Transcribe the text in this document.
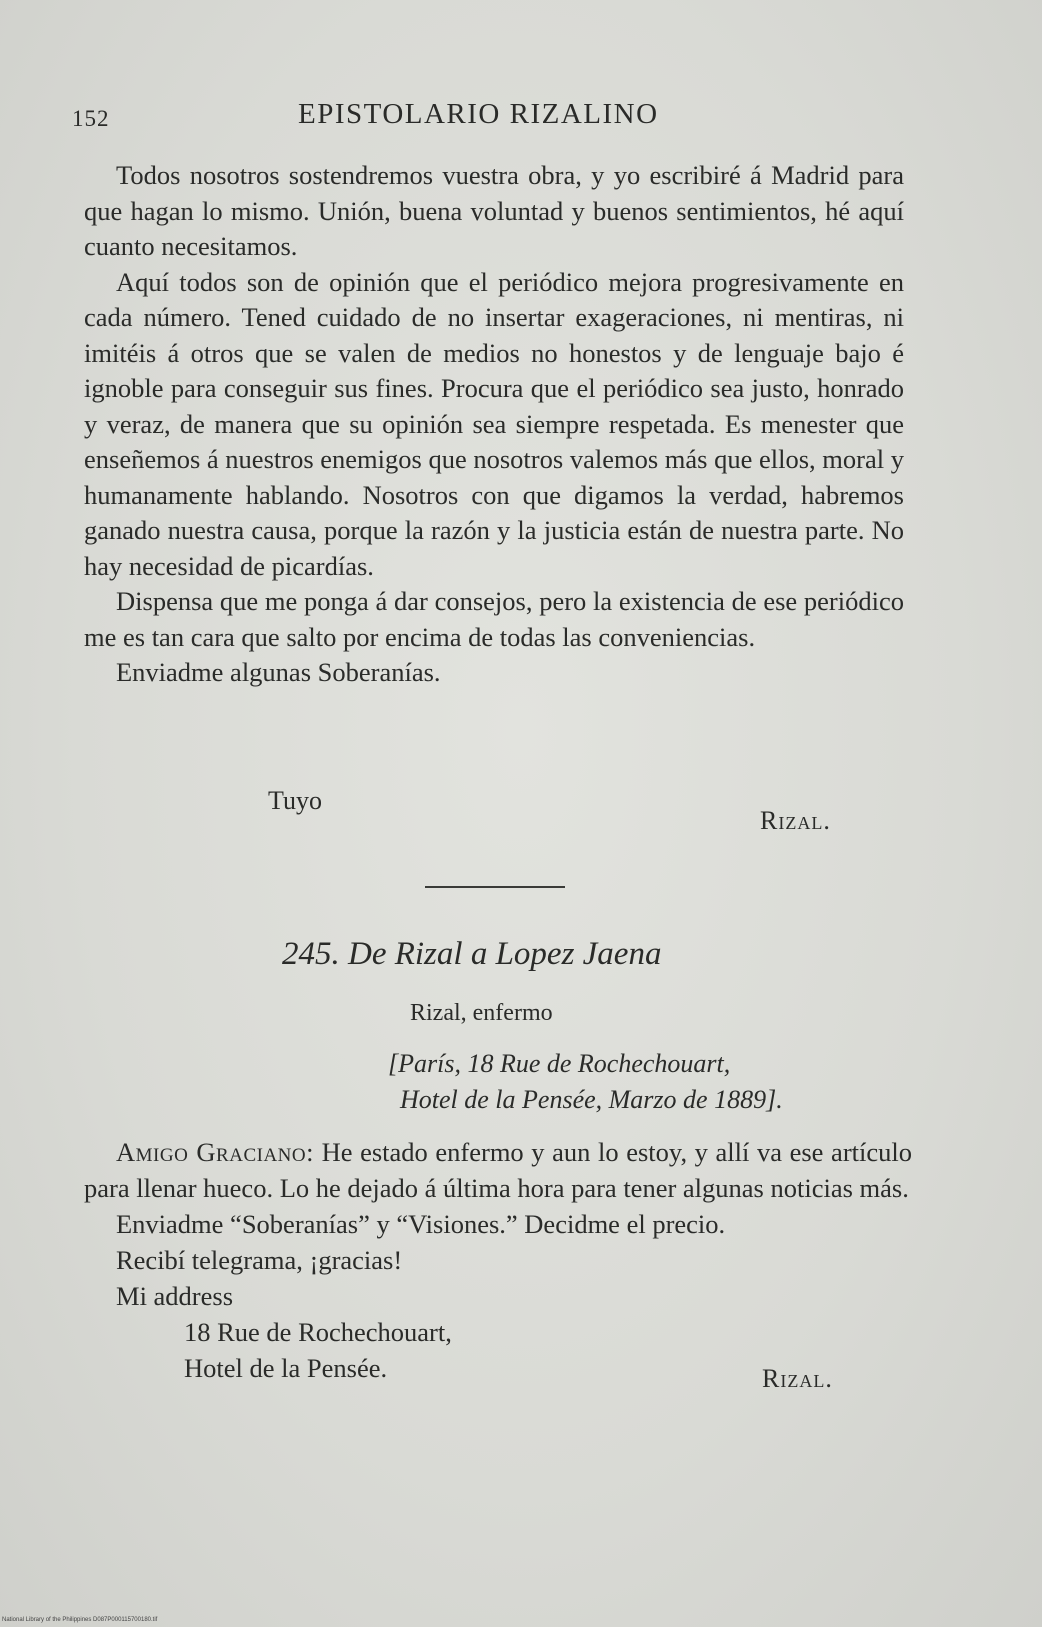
152	EPISTOLARIO RIZALINO

Todos nosotros sostendremos vuestra obra, y yo escribiré á Madrid para que hagan lo mismo. Unión, buena voluntad y buenos sentimientos, hé aquí cuanto necesitamos.

Aquí todos son de opinión que el periódico mejora progresivamente en cada número. Tened cuidado de no insertar exageraciones, ni mentiras, ni imitéis á otros que se valen de medios no honestos y de lenguaje bajo é ignoble para conseguir sus fines. Procura que el periódico sea justo, honrado y veraz, de manera que su opinión sea siempre respetada. Es menester que enseñemos á nuestros enemigos que nosotros valemos más que ellos, moral y humanamente hablando. Nosotros con que digamos la verdad, habremos ganado nuestra causa, porque la razón y la justicia están de nuestra parte. No hay necesidad de picardías.

Dispensa que me ponga á dar consejos, pero la existencia de ese periódico me es tan cara que salto por encima de todas las conveniencias.

Enviadme algunas Soberanías.

Tuyo
Rizal.
245. De Rizal a Lopez Jaena
Rizal, enfermo
[París, 18 Rue de Rochechouart,
Hotel de la Pensée, Marzo de 1889].

Amigo Graciano: He estado enfermo y aun lo estoy, y allí va ese artículo para llenar hueco. Lo he dejado á última hora para tener algunas noticias más.

Enviadme “Soberanías” y “Visiones.” Decidme el precio.

Recibí telegrama, ¡gracias!

Mi address

18 Rue de Rochechouart,

Hotel de la Pensée.	Rizal.
National Library of the Philippines D087P000115700180.tif
